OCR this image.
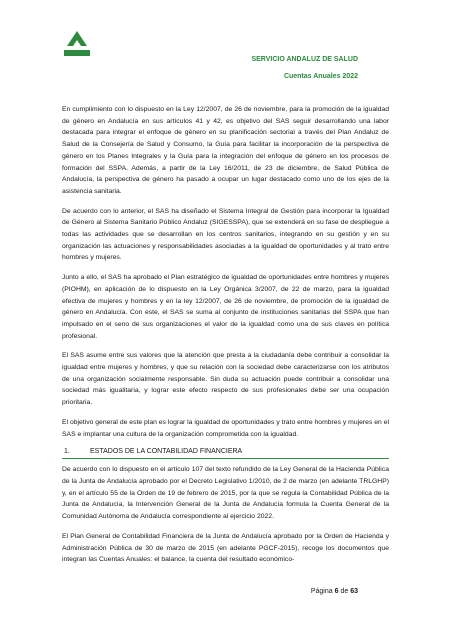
SERVICIO ANDALUZ DE SALUD
Cuentas Anuales 2022

En cumplimiento con lo dispuesto en la Ley 12/2007, de 26 de noviembre, para la promoción de la igualdad de género en Andalucía en sus artículos 41 y 42, es objetivo del SAS seguir desarrollando una labor destacada para integrar el enfoque de género en su planificación sectorial a través del Plan Andaluz de Salud de la Consejería de Salud y Consumo, la Guía para facilitar la incorporación de la perspectiva de género en los Planes Integrales y la Guía para la integración del enfoque de género en los procesos de formación del SSPA. Además, a partir de la Ley 16/2011, de 23 de diciembre, de Salud Pública de Andalucía, la perspectiva de género ha pasado a ocupar un lugar destacado como uno de los ejes de la asistencia sanitaria.

De acuerdo con lo anterior, el SAS ha diseñado el Sistema Integral de Gestión para incorporar la Igualdad de Género al Sistema Sanitario Público Andaluz (SIGESSPA), que se extenderá en su fase de despliegue a todas las actividades que se desarrollan en los centros sanitarios, integrando en su gestión y en su organización las actuaciones y responsabilidades asociadas a la igualdad de oportunidades y al trato entre hombres y mujeres.

Junto a ello, el SAS ha aprobado el Plan estratégico de igualdad de oportunidades entre hombres y mujeres (PIOHM), en aplicación de lo dispuesto en la Ley Orgánica 3/2007, de 22 de marzo, para la igualdad efectiva de mujeres y hombres y en la ley 12/2007, de 26 de noviembre, de promoción de la igualdad de género en Andalucía. Con este, el SAS se suma al conjunto de instituciones sanitarias del SSPA que han impulsado en el seno de sus organizaciones el valor de la igualdad como una de sus claves en política profesional.

El SAS asume entre sus valores que la atención que presta a la ciudadanía debe contribuir a consolidar la igualdad entre mujeres y hombres, y que su relación con la sociedad debe caracterizarse con los atributos de una organización socialmente responsable. Sin duda su actuación puede contribuir a consolidar una sociedad más igualitaria, y lograr este efecto respecto de sus profesionales debe ser una ocupación prioritaria.

El objetivo general de este plan es lograr la igualdad de oportunidades y trato entre hombres y mujeres en el SAS e implantar una cultura de la organización comprometida con la igualdad.

1.	ESTADOS DE LA CONTABILIDAD FINANCIERA

De acuerdo con lo dispuesto en el artículo 107 del texto refundido de la Ley General de la Hacienda Pública de la Junta de Andalucía aprobado por el Decreto Legislativo 1/2010, de 2 de marzo (en adelante TRLGHP) y, en el artículo 55 de la Orden de 19 de febrero de 2015, por la que se regula la Contabilidad Pública de la Junta de Andalucía, la Intervención General de la Junta de Andalucía formula la Cuenta General de la Comunidad Autónoma de Andalucía correspondiente al ejercicio 2022.

El Plan General de Contabilidad Financiera de la Junta de Andalucía aprobado por la Orden de Hacienda y Administración Pública de 30 de marzo de 2015 (en adelante PGCF-2015), recoge los documentos que integran las Cuentas Anuales: el balance, la cuenta del resultado económico-

Página 6 de 63
